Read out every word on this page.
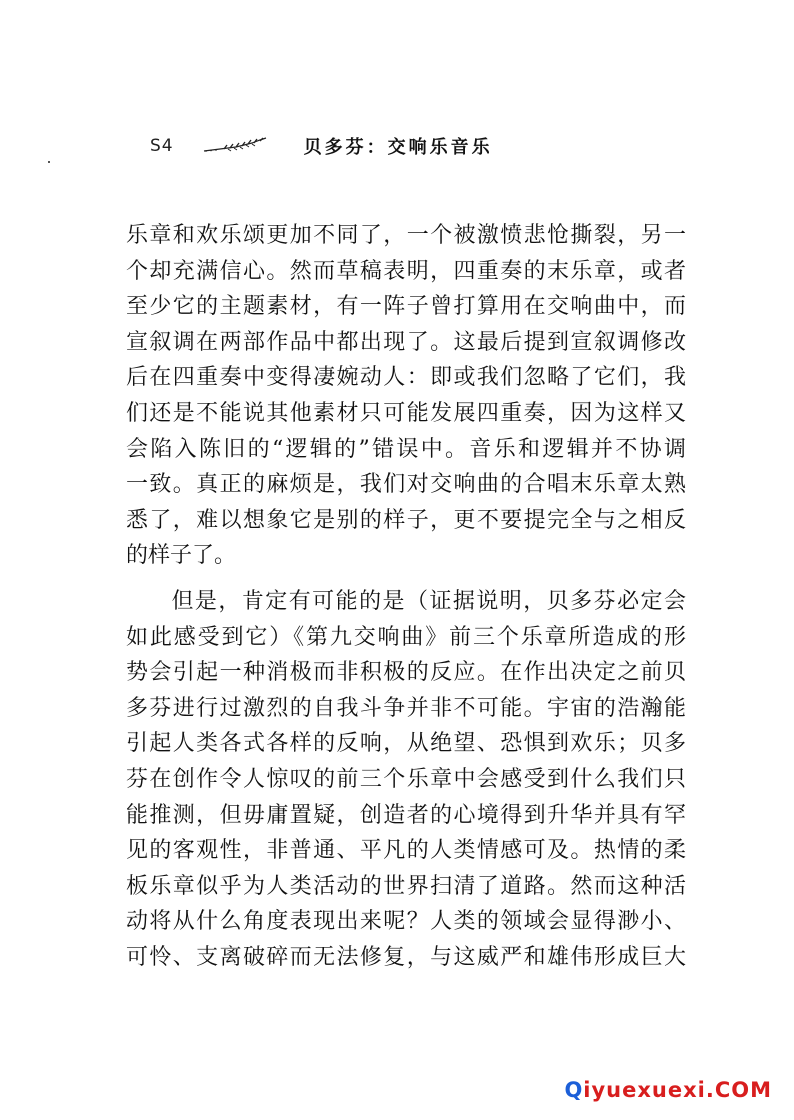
S4	贝多芬：交响乐音乐
乐章和欢乐颂更加不同了，一个被激愤悲怆撕裂，另一
个却充满信心。然而草稿表明，四重奏的末乐章，或者
至少它的主题素材，有一阵子曾打算用在交响曲中，而
宣叙调在两部作品中都出现了。这最后提到宣叙调修改
后在四重奏中变得凄婉动人：即或我们忽略了它们，我
们还是不能说其他素材只可能发展四重奏，因为这样又
会陷入陈旧的“逻辑的”错误中。音乐和逻辑并不协调
一致。真正的麻烦是，我们对交响曲的合唱末乐章太熟
悉了，难以想象它是别的样子，更不要提完全与之相反
的样子了。
但是，肯定有可能的是（证据说明，贝多芬必定会
如此感受到它）《第九交响曲》前三个乐章所造成的形
势会引起一种消极而非积极的反应。在作出决定之前贝
多芬进行过激烈的自我斗争并非不可能。宇宙的浩瀚能
引起人类各式各样的反响，从绝望、恐惧到欢乐；贝多
芬在创作令人惊叹的前三个乐章中会感受到什么我们只
能推测，但毋庸置疑，创造者的心境得到升华并具有罕
见的客观性，非普通、平凡的人类情感可及。热情的柔
板乐章似乎为人类活动的世界扫清了道路。然而这种活
动将从什么角度表现出来呢？人类的领域会显得渺小、
可怜、支离破碎而无法修复，与这威严和雄伟形成巨大
Q iyuexuexi.COM
